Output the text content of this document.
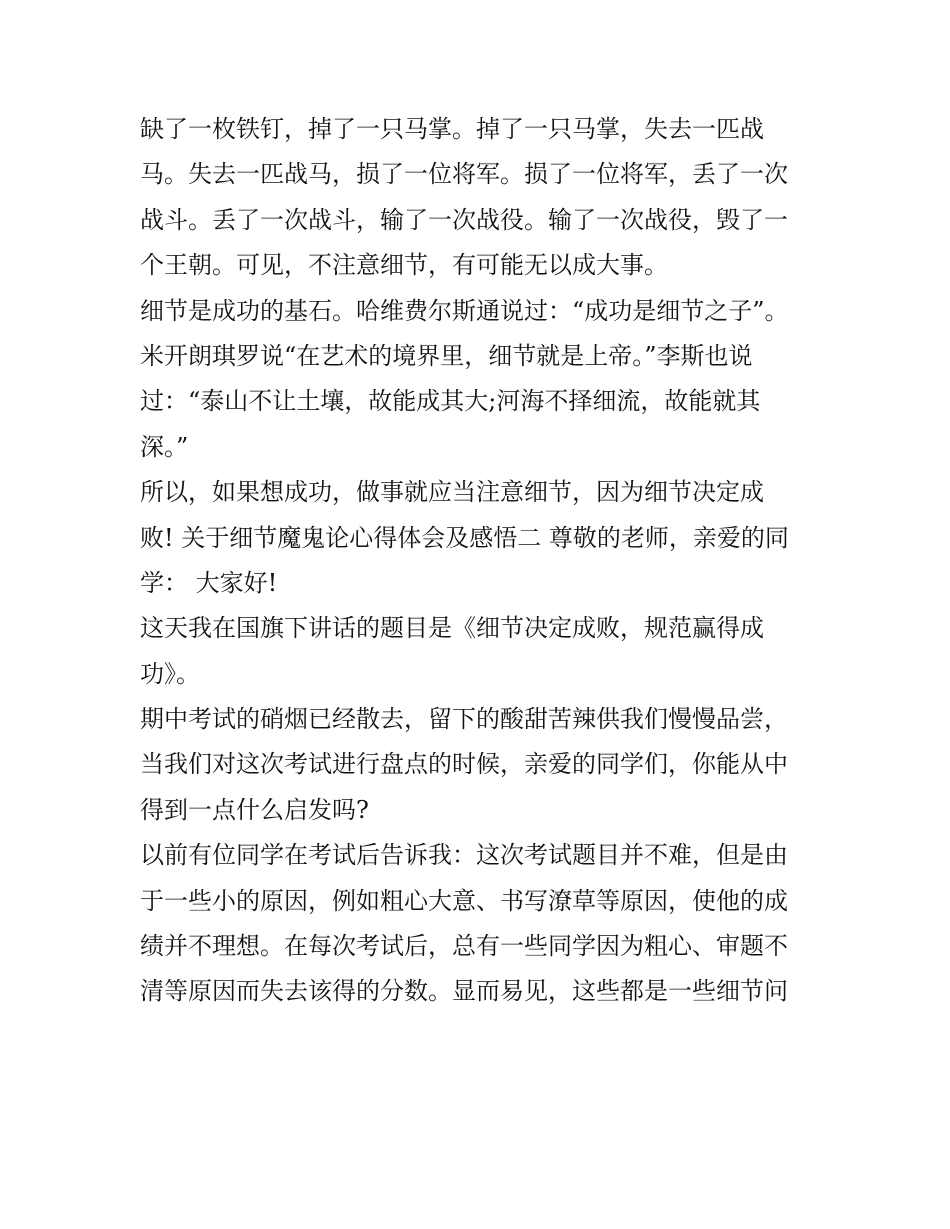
缺了一枚铁钉，掉了一只马掌。掉了一只马掌，失去一匹战
马。失去一匹战马，损了一位将军。损了一位将军，丢了一次
战斗。丢了一次战斗，输了一次战役。输了一次战役，毁了一
个王朝。可见，不注意细节，有可能无以成大事。
细节是成功的基石。哈维费尔斯通说过：“成功是细节之子”。
米开朗琪罗说“在艺术的境界里，细节就是上帝。”李斯也说
过：“泰山不让土壤，故能成其大;河海不择细流，故能就其
深。”
所以，如果想成功，做事就应当注意细节，因为细节决定成
败! 关于细节魔鬼论心得体会及感悟二 尊敬的老师，亲爱的同
学： 大家好!
这天我在国旗下讲话的题目是《细节决定成败，规范赢得成
功》。
期中考试的硝烟已经散去，留下的酸甜苦辣供我们慢慢品尝，
当我们对这次考试进行盘点的时候，亲爱的同学们，你能从中
得到一点什么启发吗?
以前有位同学在考试后告诉我：这次考试题目并不难，但是由
于一些小的原因，例如粗心大意、书写潦草等原因，使他的成
绩并不理想。在每次考试后，总有一些同学因为粗心、审题不
清等原因而失去该得的分数。显而易见，这些都是一些细节问
